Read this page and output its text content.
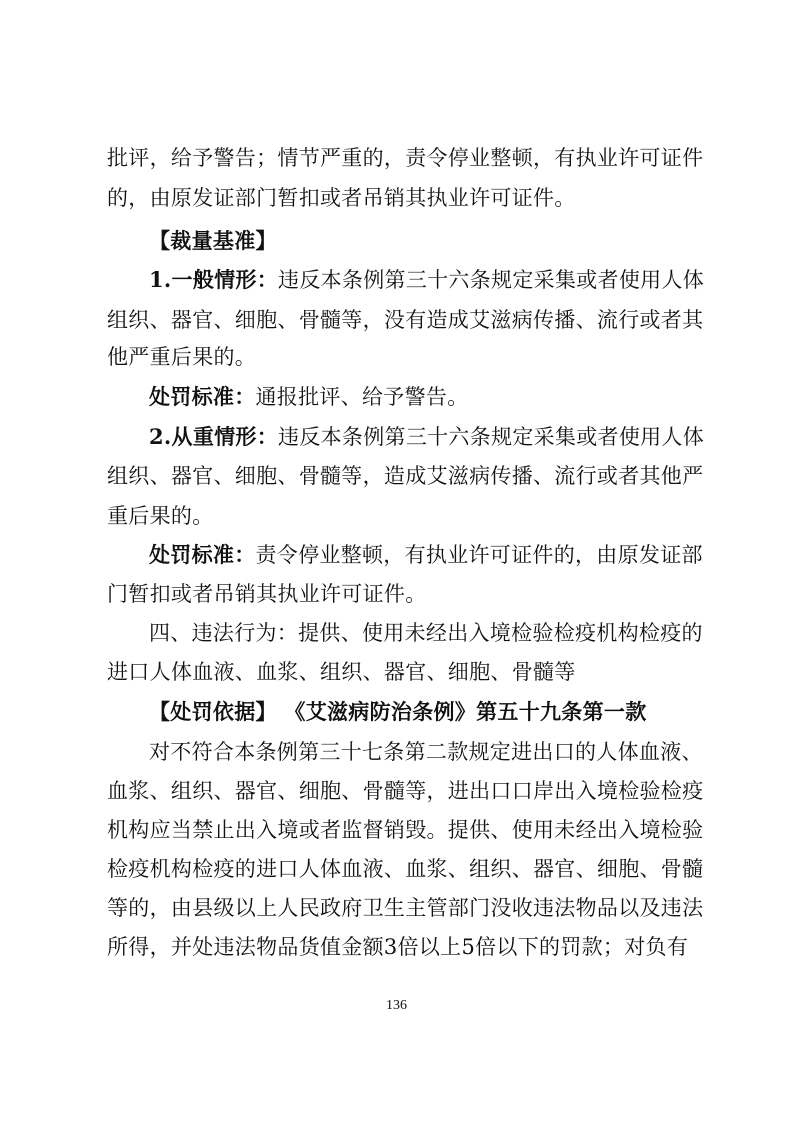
批评，给予警告；情节严重的，责令停业整顿，有执业许可证件
的，由原发证部门暂扣或者吊销其执业许可证件。
【裁量基准】
1.一般情形：违反本条例第三十六条规定采集或者使用人体
组织、器官、细胞、骨髓等，没有造成艾滋病传播、流行或者其
他严重后果的。
处罚标准：通报批评、给予警告。
2.从重情形：违反本条例第三十六条规定采集或者使用人体
组织、器官、细胞、骨髓等，造成艾滋病传播、流行或者其他严
重后果的。
处罚标准：责令停业整顿，有执业许可证件的，由原发证部
门暂扣或者吊销其执业许可证件。
四、违法行为：提供、使用未经出入境检验检疫机构检疫的
进口人体血液、血浆、组织、器官、细胞、骨髓等
【处罚依据】 《艾滋病防治条例》第五十九条第一款
对不符合本条例第三十七条第二款规定进出口的人体血液、
血浆、组织、器官、细胞、骨髓等，进出口口岸出入境检验检疫
机构应当禁止出入境或者监督销毁。提供、使用未经出入境检验
检疫机构检疫的进口人体血液、血浆、组织、器官、细胞、骨髓
等的，由县级以上人民政府卫生主管部门没收违法物品以及违法
所得，并处违法物品货值金额3倍以上5倍以下的罚款；对负有
136
